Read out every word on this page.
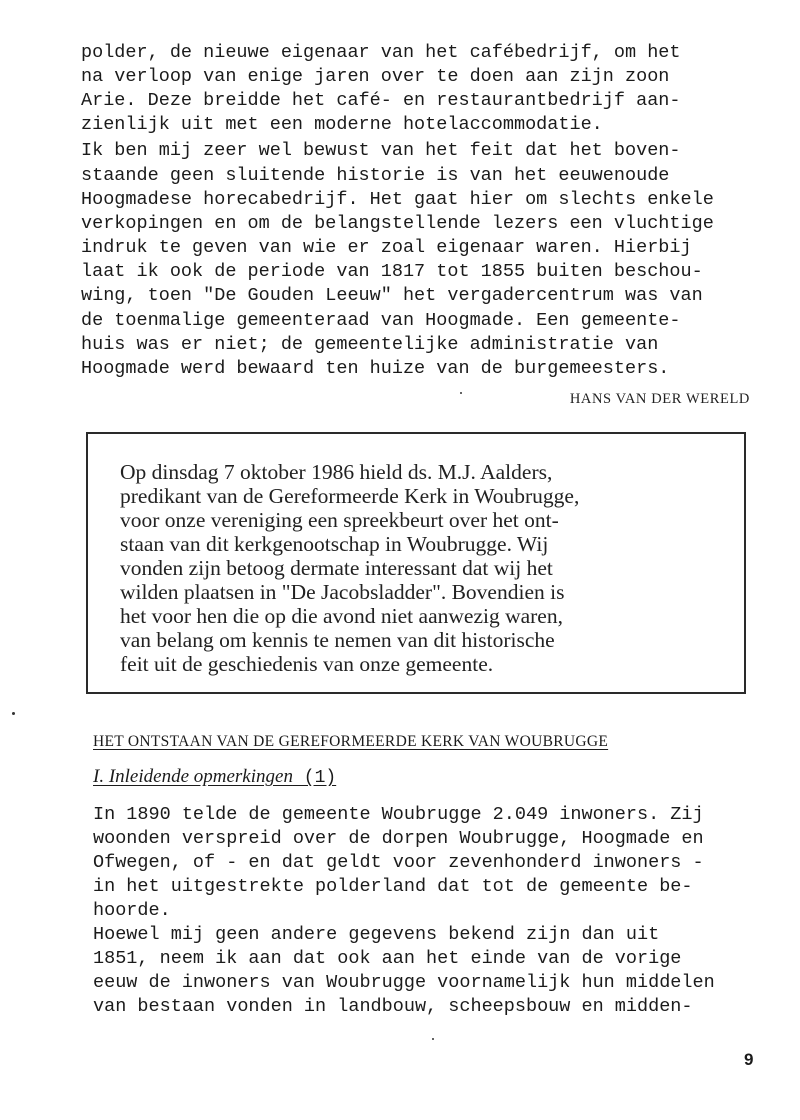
polder, de nieuwe eigenaar van het cafébedrijf, om het
na verloop van enige jaren over te doen aan zijn zoon
Arie. Deze breidde het café- en restaurantbedrijf aan-
zienlijk uit met een moderne hotelaccommodatie.
Ik ben mij zeer wel bewust van het feit dat het boven-
staande geen sluitende historie is van het eeuwenoude
Hoogmadese horecabedrijf. Het gaat hier om slechts enkele
verkopingen en om de belangstellende lezers een vluchtige
indruk te geven van wie er zoal eigenaar waren. Hierbij
laat ik ook de periode van 1817 tot 1855 buiten beschou-
wing, toen "De Gouden Leeuw" het vergadercentrum was van
de toenmalige gemeenteraad van Hoogmade. Een gemeente-
huis was er niet; de gemeentelijke administratie van
Hoogmade werd bewaard ten huize van de burgemeesters.
HANS VAN DER WERELD
Op dinsdag 7 oktober 1986 hield ds. M.J. Aalders,
predikant van de Gereformeerde Kerk in Woubrugge,
voor onze vereniging een spreekbeurt over het ont-
staan van dit kerkgenootschap in Woubrugge. Wij
vonden zijn betoog dermate interessant dat wij het
wilden plaatsen in "De Jacobsladder". Bovendien is
het voor hen die op die avond niet aanwezig waren,
van belang om kennis te nemen van dit historische
feit uit de geschiedenis van onze gemeente.
HET ONTSTAAN VAN DE GEREFORMEERDE KERK VAN WOUBRUGGE
I. Inleidende opmerkingen (1)
In 1890 telde de gemeente Woubrugge 2.049 inwoners. Zij
woonden verspreid over de dorpen Woubrugge, Hoogmade en
Ofwegen, of - en dat geldt voor zevenhonderd inwoners -
in het uitgestrekte polderland dat tot de gemeente be-
hoorde.
Hoewel mij geen andere gegevens bekend zijn dan uit
1851, neem ik aan dat ook aan het einde van de vorige
eeuw de inwoners van Woubrugge voornamelijk hun middelen
van bestaan vonden in landbouw, scheepsbouw en midden-
9
